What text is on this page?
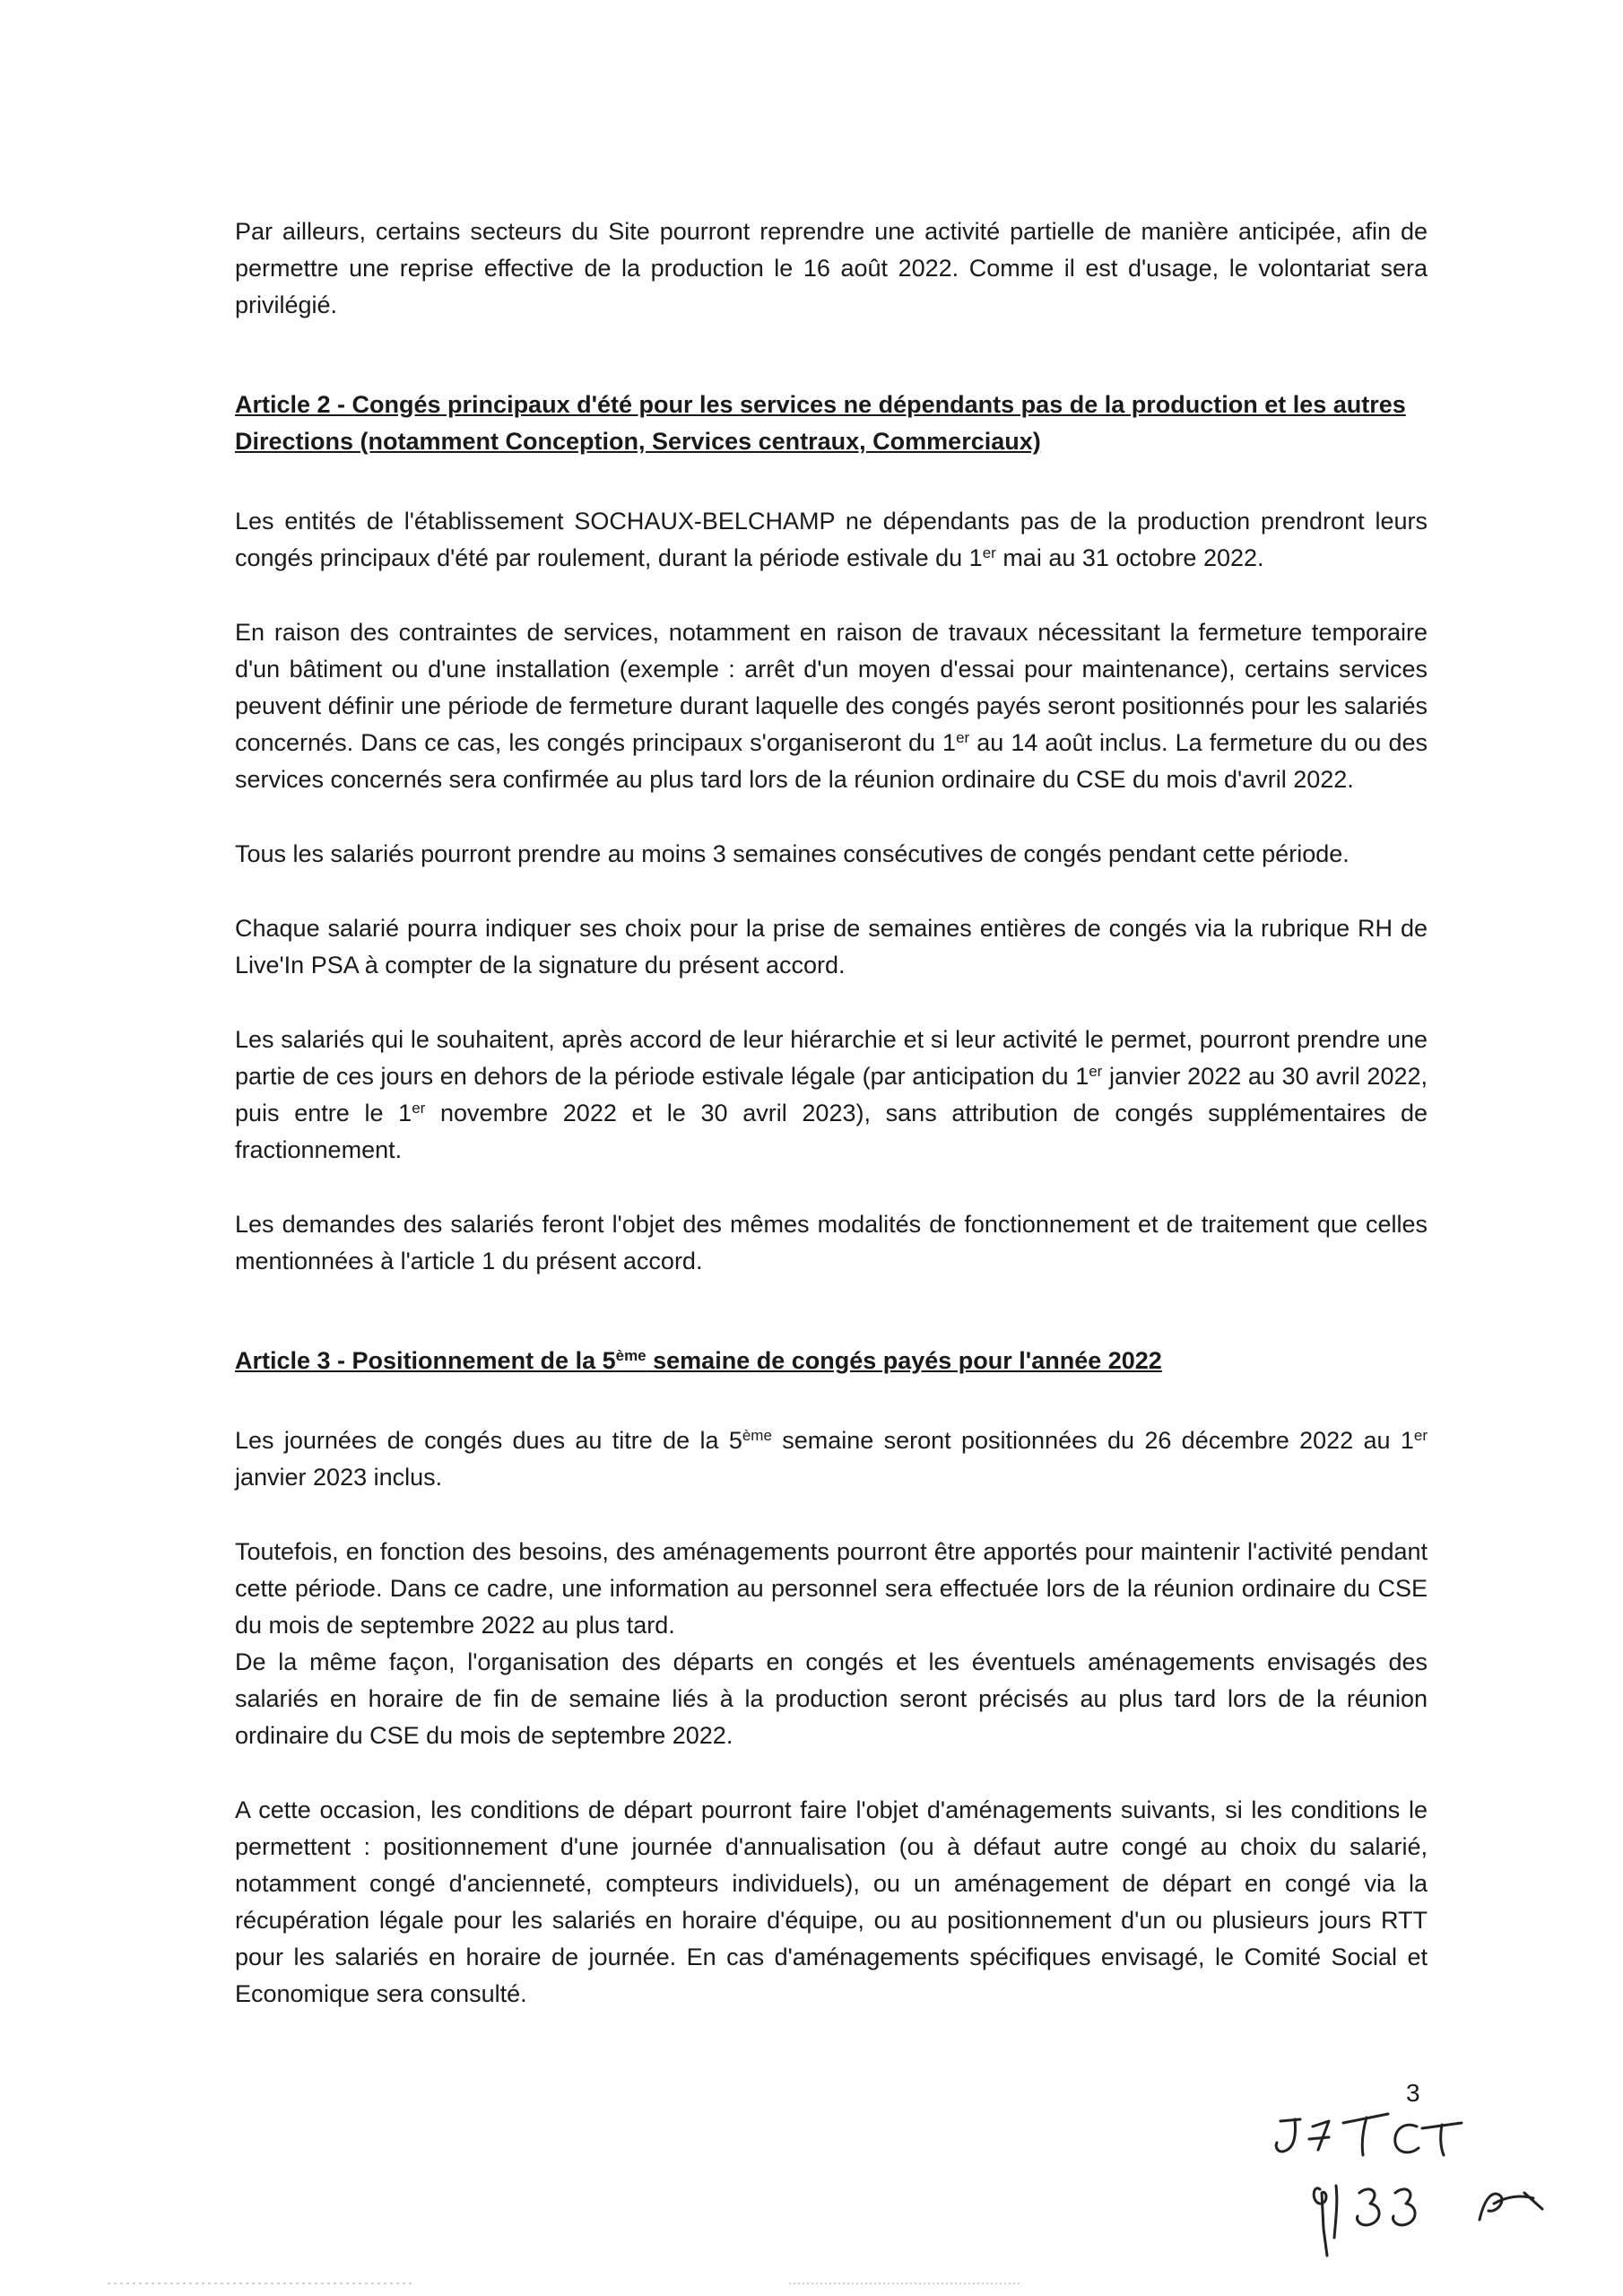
Par ailleurs, certains secteurs du Site pourront reprendre une activité partielle de manière anticipée, afin de permettre une reprise effective de la production le 16 août 2022. Comme il est d'usage, le volontariat sera privilégié.

Article 2 - Congés principaux d'été pour les services ne dépendants pas de la production et les autres Directions (notamment Conception, Services centraux, Commerciaux)

Les entités de l'établissement SOCHAUX-BELCHAMP ne dépendants pas de la production prendront leurs congés principaux d'été par roulement, durant la période estivale du 1er mai au 31 octobre 2022.

En raison des contraintes de services, notamment en raison de travaux nécessitant la fermeture temporaire d'un bâtiment ou d'une installation (exemple : arrêt d'un moyen d'essai pour maintenance), certains services peuvent définir une période de fermeture durant laquelle des congés payés seront positionnés pour les salariés concernés. Dans ce cas, les congés principaux s'organiseront du 1er au 14 août inclus. La fermeture du ou des services concernés sera confirmée au plus tard lors de la réunion ordinaire du CSE du mois d'avril 2022.

Tous les salariés pourront prendre au moins 3 semaines consécutives de congés pendant cette période.

Chaque salarié pourra indiquer ses choix pour la prise de semaines entières de congés via la rubrique RH de Live'In PSA à compter de la signature du présent accord.

Les salariés qui le souhaitent, après accord de leur hiérarchie et si leur activité le permet, pourront prendre une partie de ces jours en dehors de la période estivale légale (par anticipation du 1er janvier 2022 au 30 avril 2022, puis entre le 1er novembre 2022 et le 30 avril 2023), sans attribution de congés supplémentaires de fractionnement.

Les demandes des salariés feront l'objet des mêmes modalités de fonctionnement et de traitement que celles mentionnées à l'article 1 du présent accord.

Article 3 - Positionnement de la 5ème semaine de congés payés pour l'année 2022

Les journées de congés dues au titre de la 5ème semaine seront positionnées du 26 décembre 2022 au 1er janvier 2023 inclus.

Toutefois, en fonction des besoins, des aménagements pourront être apportés pour maintenir l'activité pendant cette période. Dans ce cadre, une information au personnel sera effectuée lors de la réunion ordinaire du CSE du mois de septembre 2022 au plus tard.

De la même façon, l'organisation des départs en congés et les éventuels aménagements envisagés des salariés en horaire de fin de semaine liés à la production seront précisés au plus tard lors de la réunion ordinaire du CSE du mois de septembre 2022.

A cette occasion, les conditions de départ pourront faire l'objet d'aménagements suivants, si les conditions le permettent : positionnement d'une journée d'annualisation (ou à défaut autre congé au choix du salarié, notamment congé d'ancienneté, compteurs individuels), ou un aménagement de départ en congé via la récupération légale pour les salariés en horaire d'équipe, ou au positionnement d'un ou plusieurs jours RTT pour les salariés en horaire de journée. En cas d'aménagements spécifiques envisagé, le Comité Social et Economique sera consulté.

3
